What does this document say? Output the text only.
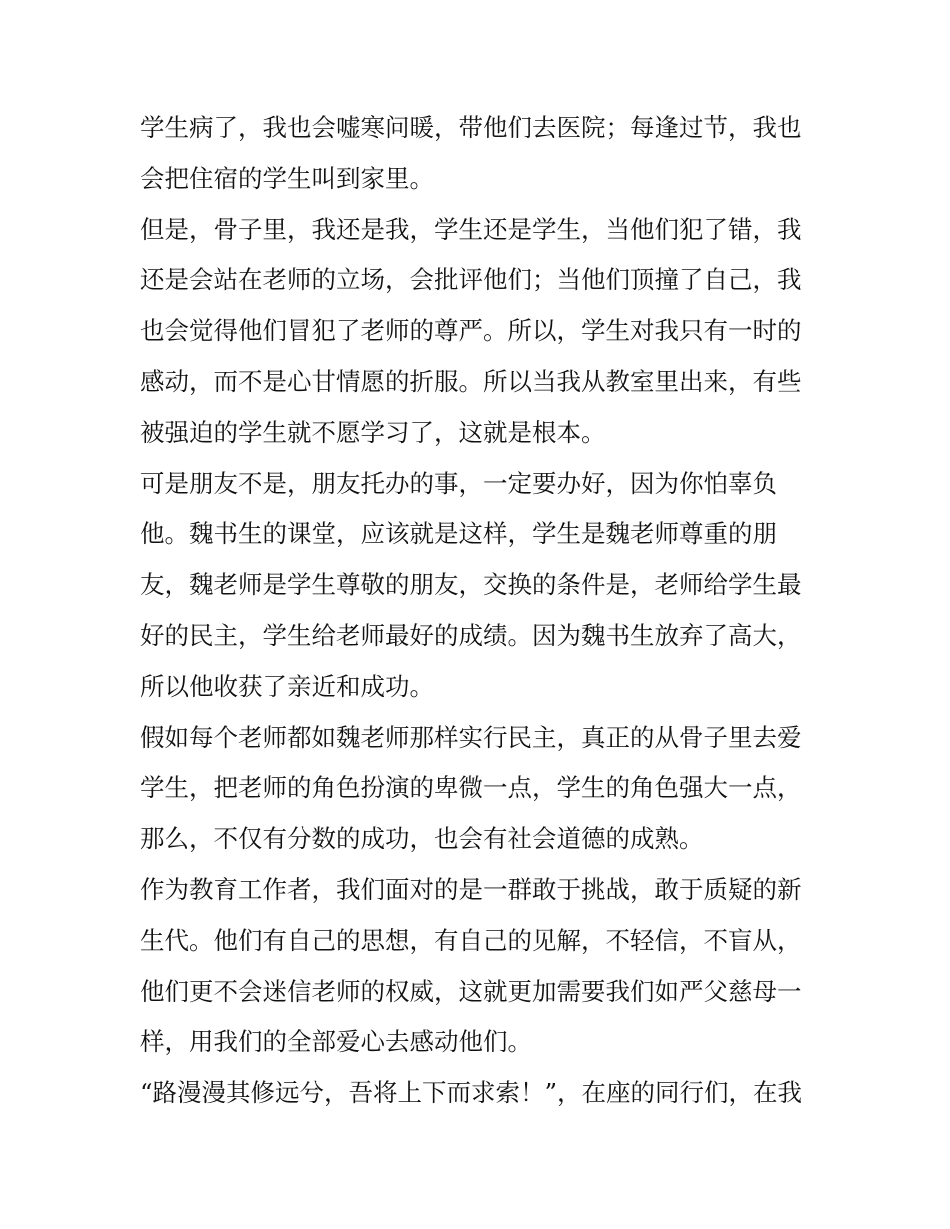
学生病了，我也会嘘寒问暖，带他们去医院；每逢过节，我也
会把住宿的学生叫到家里。
但是，骨子里，我还是我，学生还是学生，当他们犯了错，我
还是会站在老师的立场，会批评他们；当他们顶撞了自己，我
也会觉得他们冒犯了老师的尊严。所以，学生对我只有一时的
感动，而不是心甘情愿的折服。所以当我从教室里出来，有些
被强迫的学生就不愿学习了，这就是根本。
可是朋友不是，朋友托办的事，一定要办好，因为你怕辜负
他。魏书生的课堂，应该就是这样，学生是魏老师尊重的朋
友，魏老师是学生尊敬的朋友，交换的条件是，老师给学生最
好的民主，学生给老师最好的成绩。因为魏书生放弃了高大，
所以他收获了亲近和成功。
假如每个老师都如魏老师那样实行民主，真正的从骨子里去爱
学生，把老师的角色扮演的卑微一点，学生的角色强大一点，
那么，不仅有分数的成功，也会有社会道德的成熟。
作为教育工作者，我们面对的是一群敢于挑战，敢于质疑的新
生代。他们有自己的思想，有自己的见解，不轻信，不盲从，
他们更不会迷信老师的权威，这就更加需要我们如严父慈母一
样，用我们的全部爱心去感动他们。
“路漫漫其修远兮，吾将上下而求索！”，在座的同行们，在我
